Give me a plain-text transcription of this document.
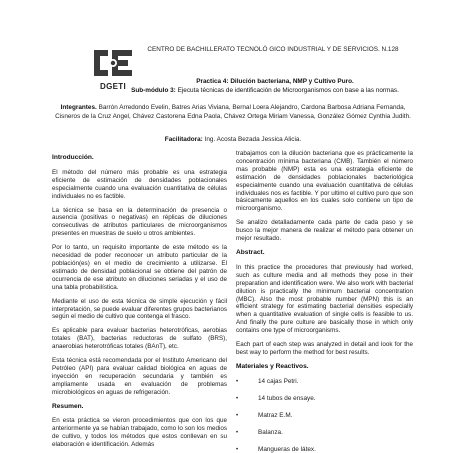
DGETI
CENTRO DE BACHILLERATO TECNOLÓ GICO INDUSTRIAL Y DE SERVICIOS. N.128
Practica 4: Dilución bacteriana, NMP y Cultivo Puro.
Sub-módulo 3: Ejecuta técnicas de identificación de Microorganismos con base a las normas.
Integrantes. Barrón Arredondo Evelin, Batres Arias Viviana, Bernal Loera Alejandro, Cardona Barbosa Adriana Fernanda, Cisneros de la Cruz Angel, Chávez Castorena Edna Paola, Chávez Ortega Miriam Vanessa, González Gómez Cynthia Judith.
Facilitadora: Ing. Acosta Bezada Jessica Alicia.
Introducción.

El método del número más probable es una estrategia eficiente de estimación de densidades poblacionales especialmente cuando una evaluación cuantitativa de células individuales no es factible.

La técnica se basa en la determinación de presencia o ausencia (positivas o negativas) en réplicas de diluciones consecutivas de atributos particulares de microorganismos presentes en muestras de suelo u otros ambientes.

Por lo tanto, un requisito importante de este método es la necesidad de poder reconocer un atributo particular de la población(es) en el medio de crecimiento a utilizarse. El estimado de densidad poblacional se obtiene del patrón de ocurrencia de ese atributo en diluciones seriadas y el uso de una tabla probabilística.

Mediante el uso de esta técnica de simple ejecución y fácil interpretación, se puede evaluar diferentes grupos bacterianos según el medio de cultivo que contenga el frasco.

Es aplicable para evaluar bacterias heterotróficas, aerobias totales (BAT), bacterias reductoras de sulfato (BRS), anaerobias heterotróficas totales (BAnT), etc.

Esta técnica está recomendada por el Instituto Americano del Petróleo (API) para evaluar calidad biológica en aguas de inyección en recuperación secundaria y también es ampliamente usada en evaluación de problemas microbiológicos en aguas de refrigeración.

Resumen.

En esta práctica se vieron procedimientos que con los que anteriormente ya se habían trabajado, como lo son los medios de cultivo, y todos los métodos que estos conllevan en su elaboración e identificación. Además

trabajamos con la dilución bacteriana que es prácticamente la concentración mínima bacteriana (CMB). También el número mas probable (NMP) esta es una estrategia eficiente de estimación de densidades poblacionales bacteriológica especialmente cuando una evaluación cuantitativa de células individuales nos es factible. Y por ultimo el cultivo puro que son básicamente aquellos en los cuales solo contiene un tipo de microorganismo.

Se analizo detalladamente cada parte de cada paso y se busco la mejor manera de realizar el método para obtener un mejor resultado.

Abstract.

In this practice the procedures that previously had worked, such as culture media and all methods they pose in their preparation and identification were. We also work with bacterial dilution is practically the minimum bacterial concentration (MBC). Also the most probable number (MPN) this is an efficient strategy for estimating bacterial densities especially when a quantitative evaluation of single cells is feasible to us. And finally the pure culture are basically those in which only contains one type of microorganisms.

Each part of each step was analyzed in detail and look for the best way to perform the method for best results.

Materiales y Reactivos.
•	14 cajas Petri.
•	14 tubos de ensaye.
•	Matraz E.M.
•	Balanza.
•	Mangueras de látex.
